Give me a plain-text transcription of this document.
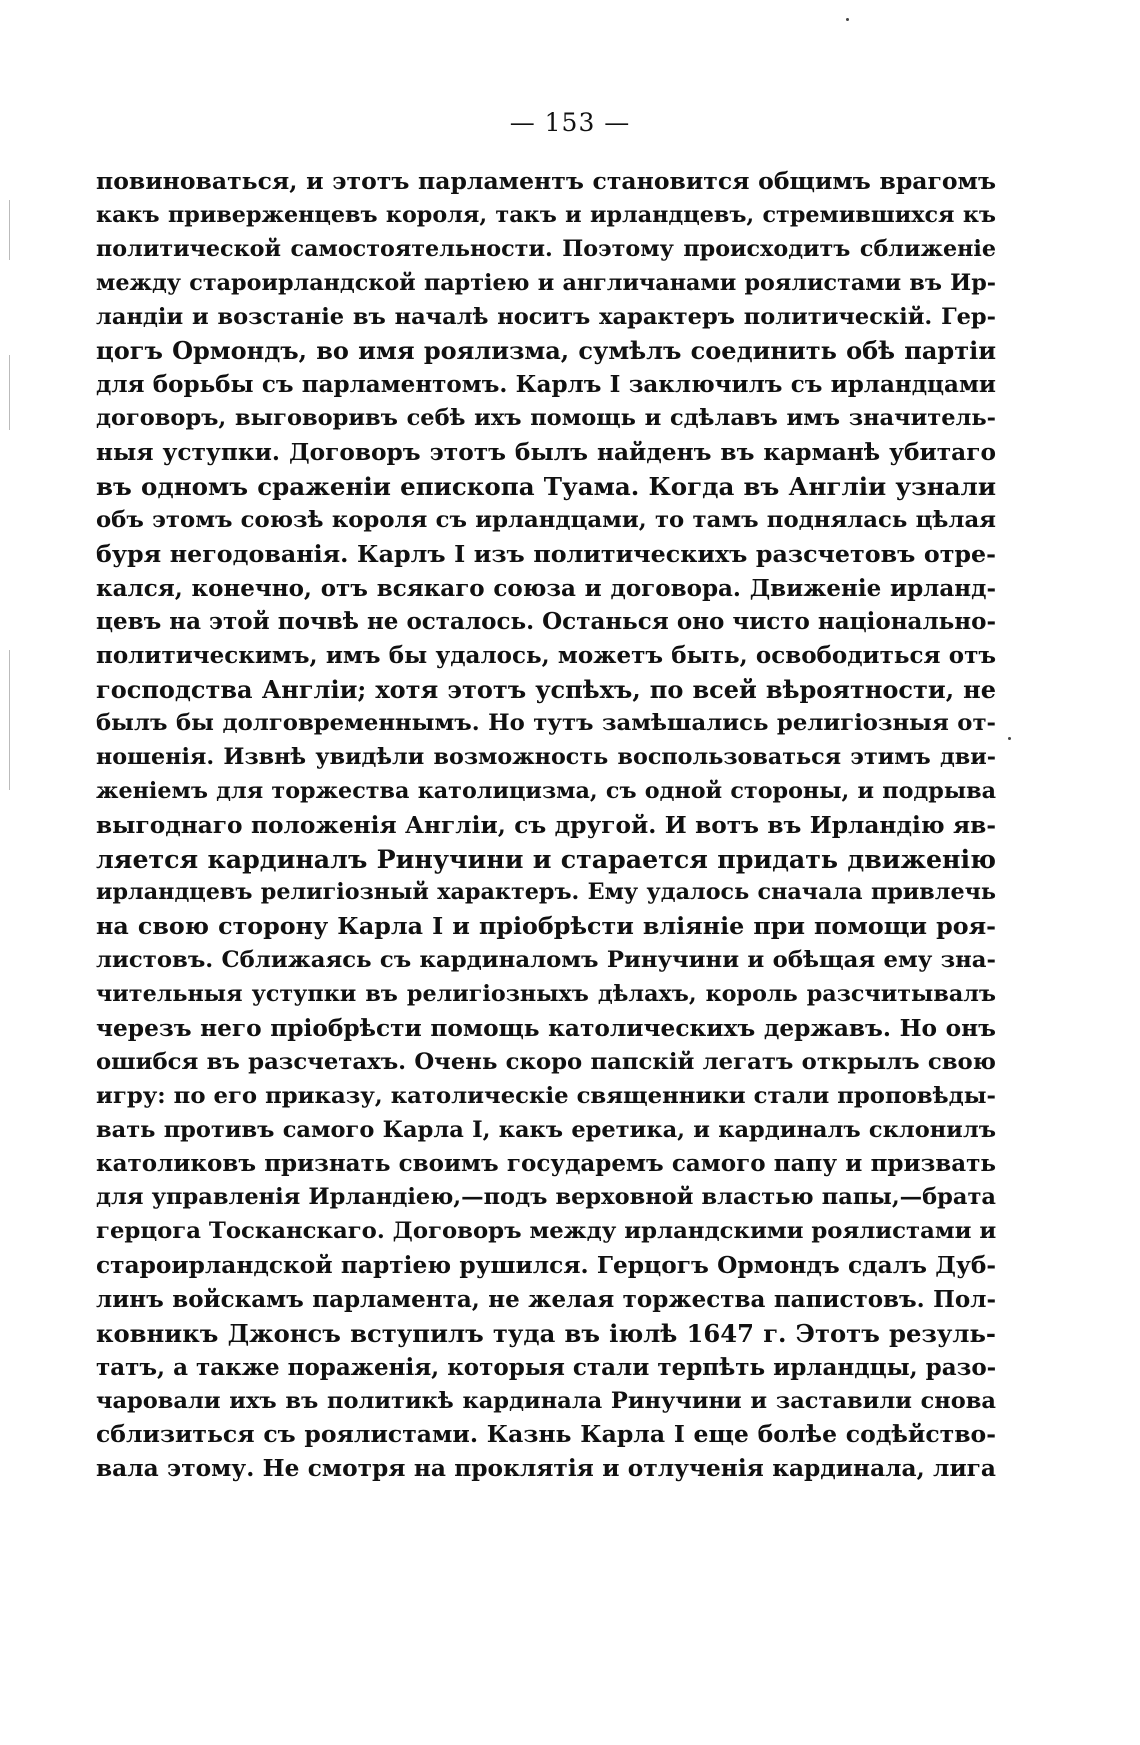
— 153 —
повиноваться, и этотъ парламентъ становится общимъ врагомъ
какъ приверженцевъ короля, такъ и ирландцевъ, стремившихся къ
политической самостоятельности. Поэтому происходитъ сближеніе
между староирландской партіею и англичанами роялистами въ Ир-
ландіи и возстаніе въ началѣ носитъ характеръ политическій. Гер-
цогъ Ормондъ, во имя роялизма, сумѣлъ соединить обѣ партіи
для борьбы съ парламентомъ. Карлъ I заключилъ съ ирландцами
договоръ, выговоривъ себѣ ихъ помощь и сдѣлавъ имъ значитель-
ныя уступки. Договоръ этотъ былъ найденъ въ карманѣ убитаго
въ одномъ сраженіи епископа Туама. Когда въ Англіи узнали
объ этомъ союзѣ короля съ ирландцами, то тамъ поднялась цѣлая
буря негодованія. Карлъ I изъ политическихъ разсчетовъ отре-
кался, конечно, отъ всякаго союза и договора. Движеніе ирланд-
цевъ на этой почвѣ не осталось. Останься оно чисто національно-
политическимъ, имъ бы удалось, можетъ быть, освободиться отъ
господства Англіи; хотя этотъ успѣхъ, по всей вѣроятности, не
былъ бы долговременнымъ. Но тутъ замѣшались религіозныя от-
ношенія. Извнѣ увидѣли возможность воспользоваться этимъ дви-
женіемъ для торжества католицизма, съ одной стороны, и подрыва
выгоднаго положенія Англіи, съ другой. И вотъ въ Ирландію яв-
ляется кардиналъ Ринучини и старается придать движенію
ирландцевъ религіозный характеръ. Ему удалось сначала привлечь
на свою сторону Карла I и пріобрѣсти вліяніе при помощи роя-
листовъ. Сближаясь съ кардиналомъ Ринучини и обѣщая ему зна-
чительныя уступки въ религіозныхъ дѣлахъ, король разсчитывалъ
черезъ него пріобрѣсти помощь католическихъ державъ. Но онъ
ошибся въ разсчетахъ. Очень скоро папскій легатъ открылъ свою
игру: по его приказу, католическіе священники стали проповѣды-
вать противъ самого Карла I, какъ еретика, и кардиналъ склонилъ
католиковъ признать своимъ государемъ самого папу и призвать
для управленія Ирландіею,—подъ верховной властью папы,—брата
герцога Тосканскаго. Договоръ между ирландскими роялистами и
староирландской партіею рушился. Герцогъ Ормондъ сдалъ Дуб-
линъ войскамъ парламента, не желая торжества папистовъ. Пол-
ковникъ Джонсъ вступилъ туда въ іюлѣ 1647 г. Этотъ резуль-
татъ, а также пораженія, которыя стали терпѣть ирландцы, разо-
чаровали ихъ въ политикѣ кардинала Ринучини и заставили снова
сблизиться съ роялистами. Казнь Карла I еще болѣе содѣйство-
вала этому. Не смотря на проклятія и отлученія кардинала, лига
